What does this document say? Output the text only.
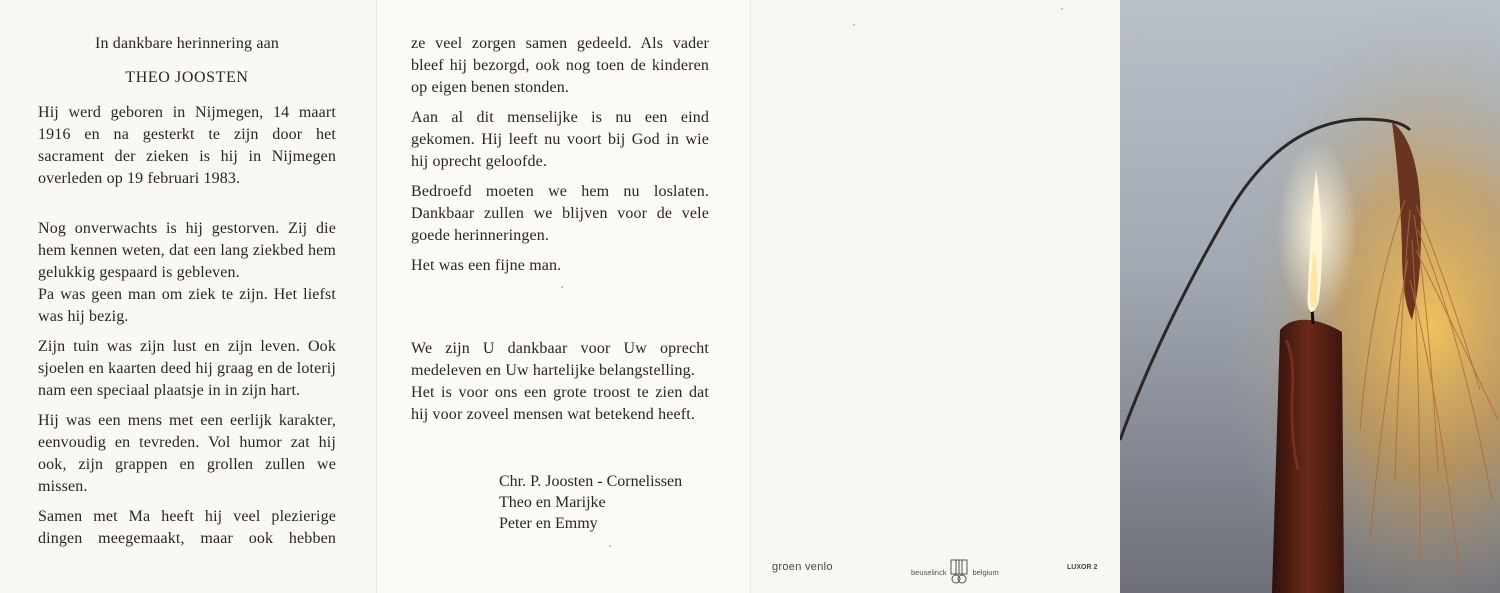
In dankbare herinnering aan

THEO JOOSTEN

Hij werd geboren in Nijmegen, 14 maart 1916 en na gesterkt te zijn door het sacrament der zieken is hij in Nijmegen overleden op 19 februari 1983.

Nog onverwachts is hij gestorven. Zij die hem kennen weten, dat een lang ziekbed hem gelukkig gespaard is gebleven.

Pa was geen man om ziek te zijn. Het liefst was hij bezig.

Zijn tuin was zijn lust en zijn leven. Ook sjoelen en kaarten deed hij graag en de loterij nam een speciaal plaatsje in in zijn hart.

Hij was een mens met een eerlijk karakter, eenvoudig en tevreden. Vol humor zat hij ook, zijn grappen en grollen zullen we missen.

Samen met Ma heeft hij veel plezierige dingen meegemaakt, maar ook hebben

ze veel zorgen samen gedeeld. Als vader bleef hij bezorgd, ook nog toen de kinderen op eigen benen stonden.

Aan al dit menselijke is nu een eind gekomen. Hij leeft nu voort bij God in wie hij oprecht geloofde.

Bedroefd moeten we hem nu loslaten. Dankbaar zullen we blijven voor de vele goede herinneringen.

Het was een fijne man.

We zijn U dankbaar voor Uw oprecht medeleven en Uw hartelijke belangstelling.

Het is voor ons een grote troost te zien dat hij voor zoveel mensen wat betekend heeft.

Chr. P. Joosten - Cornelissen
Theo en Marijke
Peter en Emmy
groen venlo	beuselinck	belgium	LUXOR 2
